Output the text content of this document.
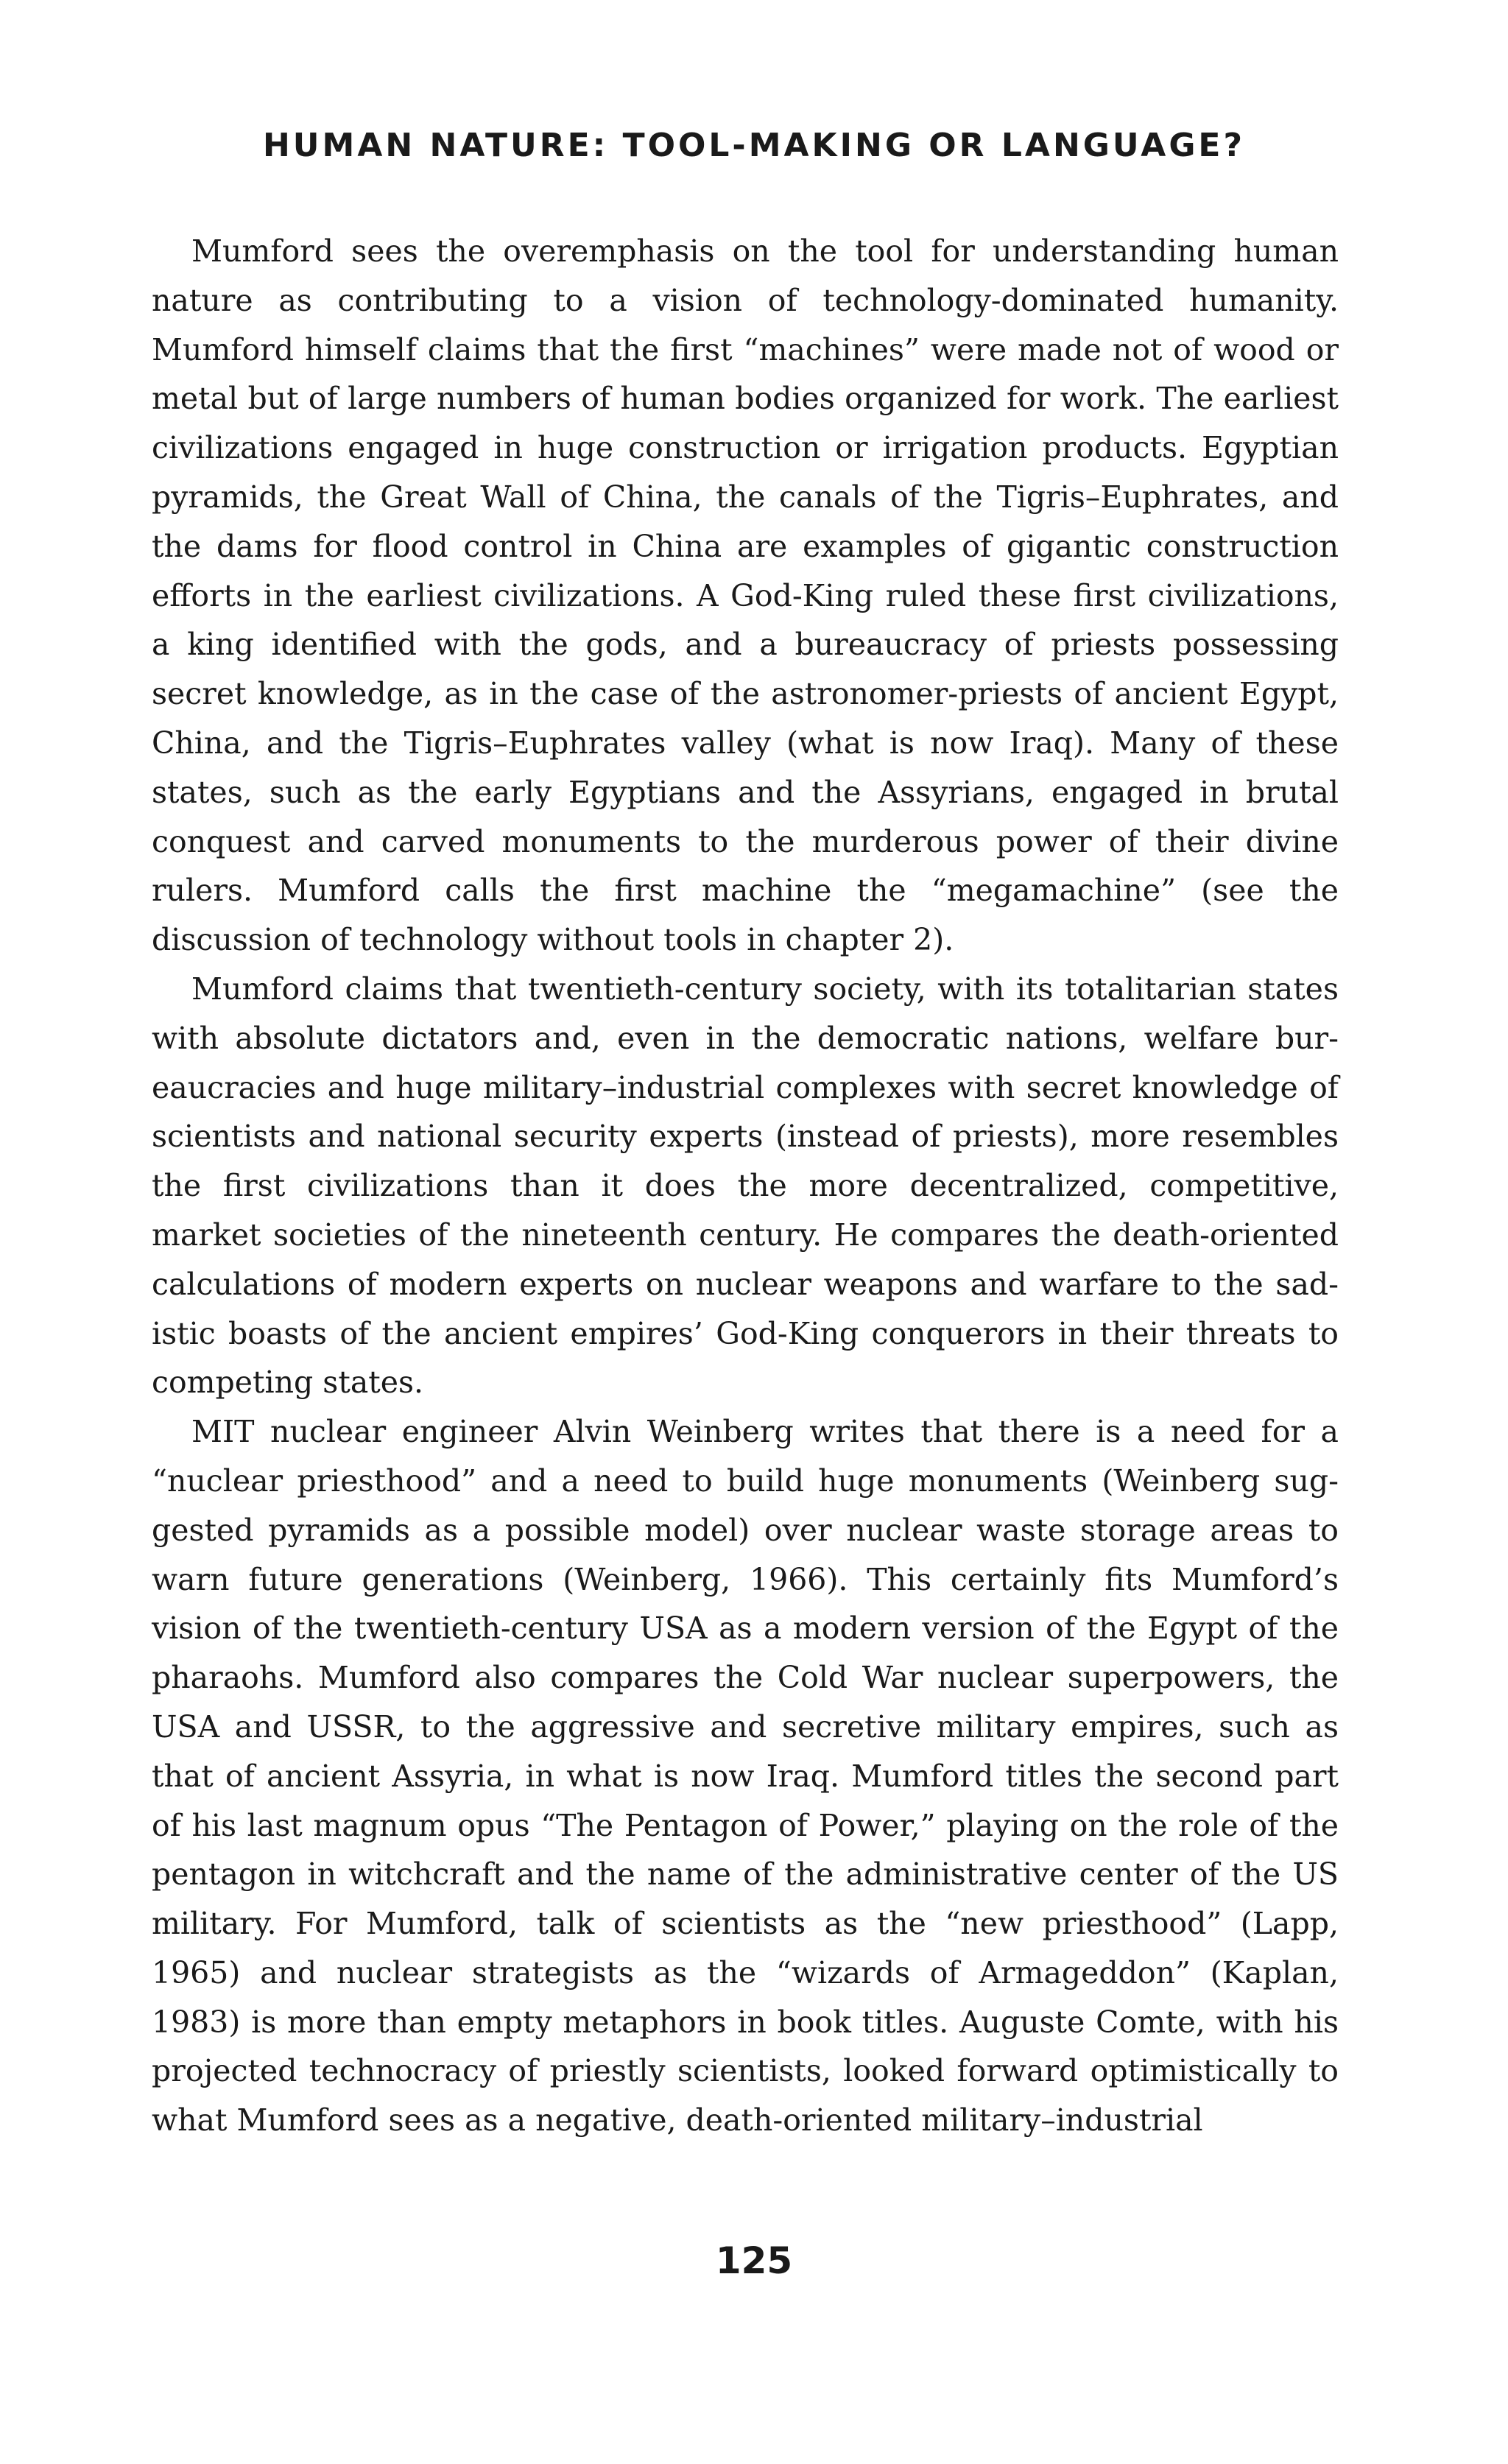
HUMAN NATURE: TOOL-MAKING OR LANGUAGE?

Mumford sees the overemphasis on the tool for understanding human nature as contributing to a vision of technology-dominated humanity. Mumford himself claims that the first “machines” were made not of wood or metal but of large numbers of human bodies organized for work. The earliest civilizations engaged in huge construction or irrigation products. Egyptian pyramids, the Great Wall of China, the canals of the Tigris–Euphrates, and the dams for flood control in China are examples of gigantic construction efforts in the earliest civilizations. A God-King ruled these first civilizations, a king identified with the gods, and a bureaucracy of priests possessing secret knowledge, as in the case of the astronomer-priests of ancient Egypt, China, and the Tigris–Euphrates valley (what is now Iraq). Many of these states, such as the early Egyptians and the Assyrians, engaged in brutal conquest and carved monuments to the murderous power of their divine rulers. Mumford calls the first machine the “megamachine” (see the discussion of technology without tools in chapter 2).

Mumford claims that twentieth-century society, with its totalitarian states with absolute dictators and, even in the democratic nations, welfare bureaucracies and huge military–industrial complexes with secret knowledge of scientists and national security experts (instead of priests), more resembles the first civilizations than it does the more decentralized, competitive, market societies of the nineteenth century. He compares the death-oriented calculations of modern experts on nuclear weapons and warfare to the sadistic boasts of the ancient empires’ God-King conquerors in their threats to competing states.

MIT nuclear engineer Alvin Weinberg writes that there is a need for a “nuclear priesthood” and a need to build huge monuments (Weinberg suggested pyramids as a possible model) over nuclear waste storage areas to warn future generations (Weinberg, 1966). This certainly fits Mumford’s vision of the twentieth-century USA as a modern version of the Egypt of the pharaohs. Mumford also compares the Cold War nuclear superpowers, the USA and USSR, to the aggressive and secretive military empires, such as that of ancient Assyria, in what is now Iraq. Mumford titles the second part of his last magnum opus “The Pentagon of Power,” playing on the role of the pentagon in witchcraft and the name of the administrative center of the US military. For Mumford, talk of scientists as the “new priesthood” (Lapp, 1965) and nuclear strategists as the “wizards of Armageddon” (Kaplan, 1983) is more than empty metaphors in book titles. Auguste Comte, with his projected technocracy of priestly scientists, looked forward optimistically to what Mumford sees as a negative, death-oriented military–industrial

125
